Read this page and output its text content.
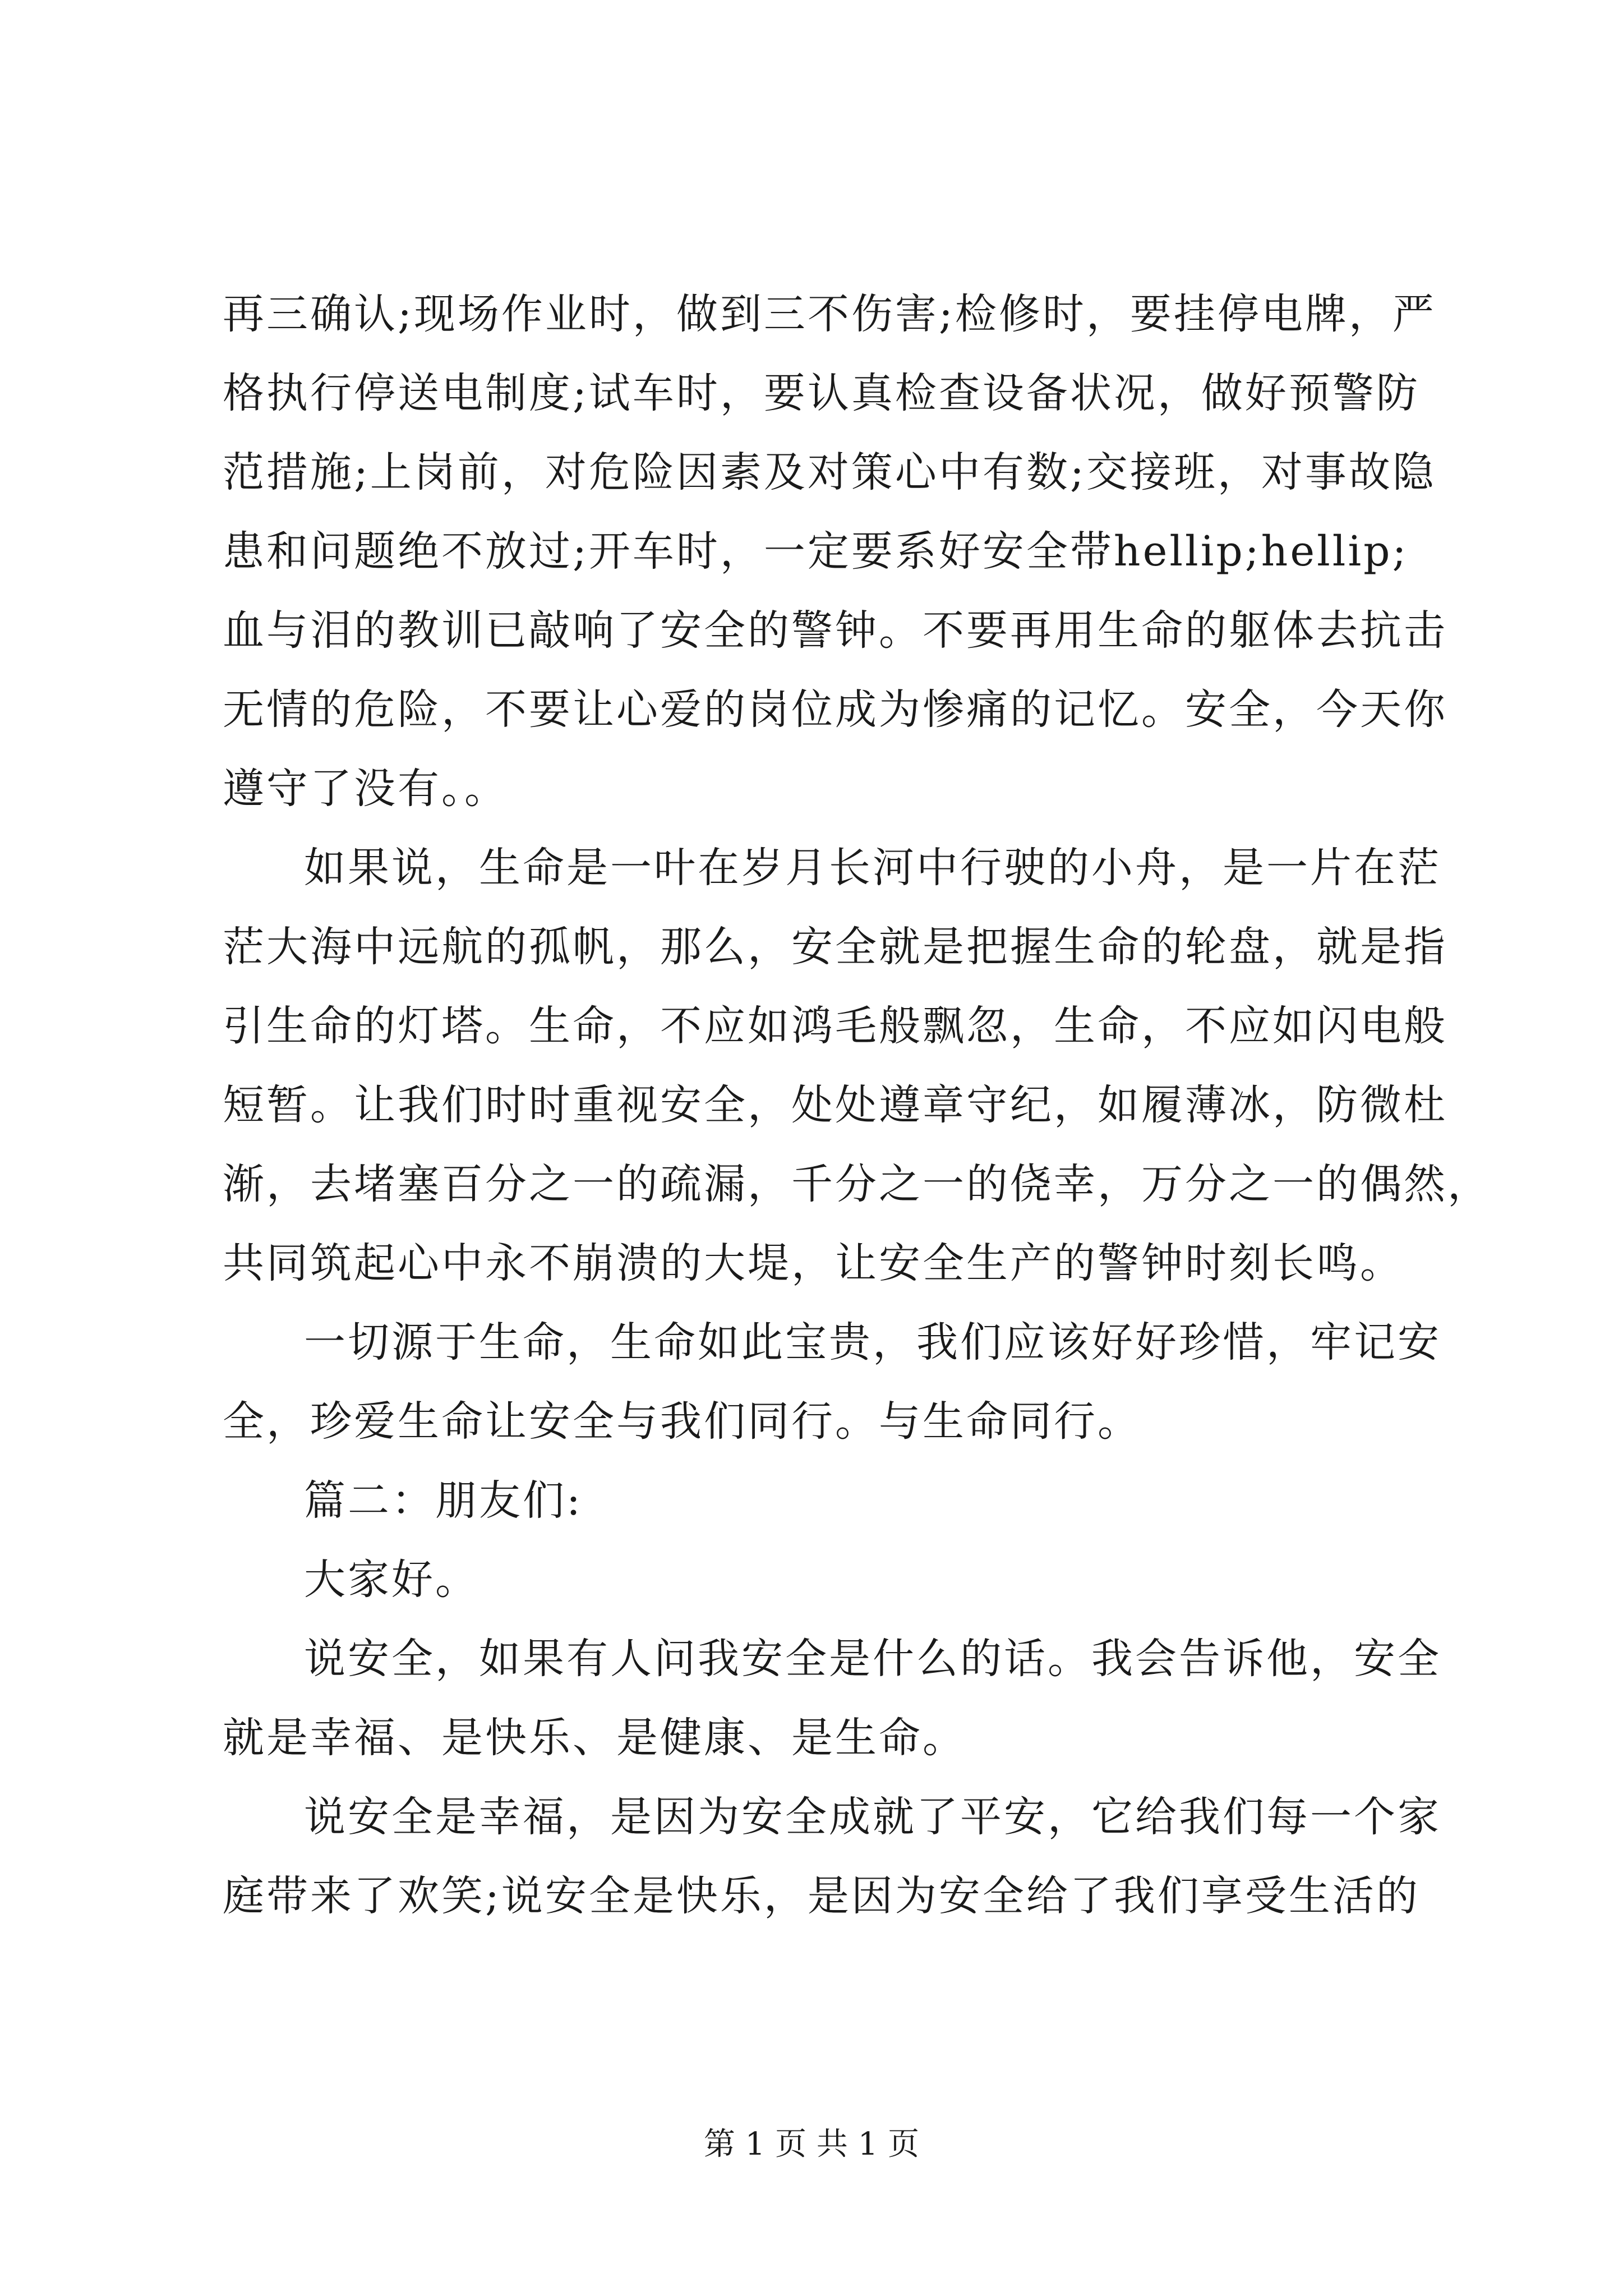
再三确认;现场作业时，做到三不伤害;检修时，要挂停电牌，严

格执行停送电制度;试车时，要认真检查设备状况，做好预警防

范措施;上岗前，对危险因素及对策心中有数;交接班，对事故隐

患和问题绝不放过;开车时，一定要系好安全带hellip;hellip;

血与泪的教训已敲响了安全的警钟。不要再用生命的躯体去抗击

无情的危险，不要让心爱的岗位成为惨痛的记忆。安全，今天你

遵守了没有。。

如果说，生命是一叶在岁月长河中行驶的小舟，是一片在茫

茫大海中远航的孤帆，那么，安全就是把握生命的轮盘，就是指

引生命的灯塔。生命，不应如鸿毛般飘忽，生命，不应如闪电般

短暂。让我们时时重视安全，处处遵章守纪，如履薄冰，防微杜

渐，去堵塞百分之一的疏漏，千分之一的侥幸，万分之一的偶然，

共同筑起心中永不崩溃的大堤，让安全生产的警钟时刻长鸣。

一切源于生命，生命如此宝贵，我们应该好好珍惜，牢记安

全，珍爱生命让安全与我们同行。与生命同行。

篇二：朋友们:

大家好。

说安全，如果有人问我安全是什么的话。我会告诉他，安全

就是幸福、是快乐、是健康、是生命。

说安全是幸福，是因为安全成就了平安，它给我们每一个家

庭带来了欢笑;说安全是快乐，是因为安全给了我们享受生活的

第 1 页 共 1 页
